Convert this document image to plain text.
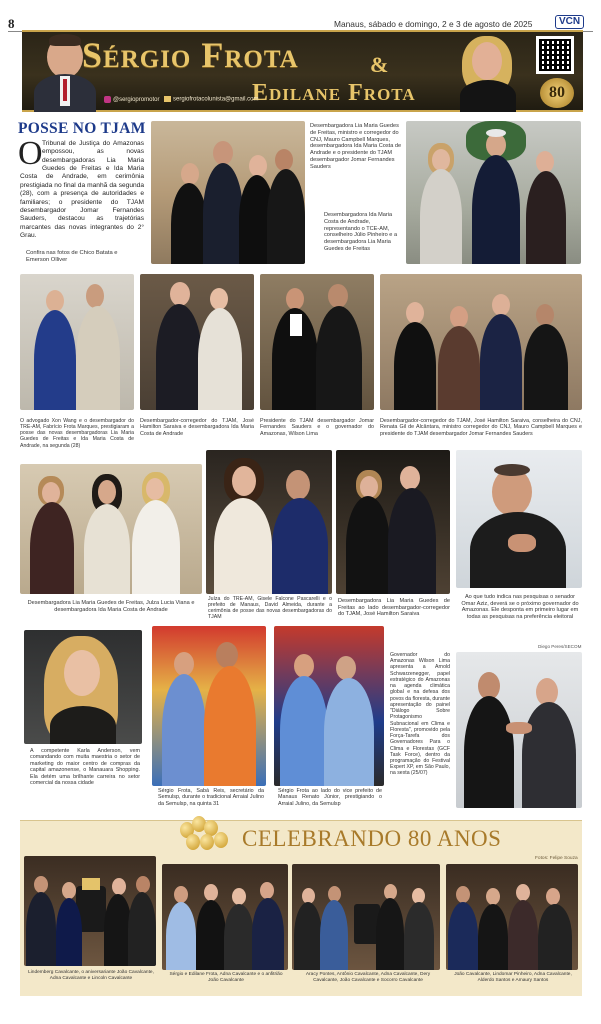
8	Manaus, sábado e domingo, 2 e 3 de agosto de 2025	VCN
Sérgio Frota	&
Edilane Frota
@sergiopromotor	sergiofrotacolunista@gmail.com	80
POSSE NO TJAM
O Tribunal de Justiça do Amazonas empossou, as novas desembargadoras Lia Maria Guedes de Freitas e Ida Maria Costa de Andrade, em cerimônia prestigiada no final da manhã da segunda (28), com a presença de autoridades e familiares; o presidente do TJAM desembargador Jomar Fernandes Sauders, destacou as trajetórias marcantes das novas integrantes do 2° Grau.
Confira nas fotos de Chico Batata e Emerson Olliver
Desembargadora Lia Maria Guedes de Freitas, ministro e corregedor do CNJ, Mauro Campbell Marques, desembargadora Ida Maria Costa de Andrade e o presidente do TJAM desembargador Jomar Fernandes Sauders
Desembargadora Ida Maria Costa de Andrade, representando o TCE-AM, conselheiro Júlio Pinheiro e a desembargadora Lia Maria Guedes de Freitas
O advogado Xon Wang e o desembargador do TRE-AM, Fabrício Frota Marques, prestigiaram a posse das novas desembargadoras Lia Maria Guedes de Freitas e Ida Maria Costa de Andrade, na segunda (28)
Desembargador-corregedor do TJAM, José Hamilton Saraiva e desembargadora Ida Maria Costa de Andrade
Presidente do TJAM desembargador Jomar Fernandes Sauders e o governador do Amazonas, Wilson Lima
Desembargador-corregedor do TJAM, José Hamilton Saraiva, conselheira do CNJ, Renata Gil de Alcântara, ministro corregedor do CNJ, Mauro Campbell Marques e presidente do TJAM desembargador Jomar Fernandes Sauders
Desembargadora Lia Maria Guedes de Freitas, Julza Lucia Viana e desembargadora Ida Maria Costa de Andrade
Juíza do TRE-AM, Gisele Falcone Pascarelli e o prefeito de Manaus, David Almeida, durante a cerimônia de posse das novas desembargadoras do TJAM
Desembargadora Lia Maria Guedes de Freitas ao lado desembargador-corregedor do TJAM, José Hamilton Saraiva
Ao que tudo indica nas pesquisas o senador Omar Aziz, deverá se o próximo governador do Amazonas. Ele desponta em primeiro lugar em todas as pesquisas na preferência eleitoral
A competente Karla Anderson, vem comandando com muita maestria o setor de marketing do maior centro de compras da capital amazonense, o Manauara Shopping. Ela detém uma brilhante carreira no setor comercial da nossa cidade
Sérgio Frota, Sabá Reis, secretário da Semulsp, durante o tradicional Arraial Julino da Semulsp, na quinta 31
Sérgio Frota ao lado do vice prefeito de Manaus Renato Júnior, prestigiando o Arraial Julino, da Semulsp
Governador do Amazonas Wilson Lima apresenta a Arnold Schwarzenegger, papel estratégico do Amazonas na agenda climática global e na defesa dos povos da floresta, durante apresentação do painel "Diálogo Sobre Protagonismo Subnacional em Clima e Floresta", promovido pela Força-Tarefa dos Governadores Para o Clima e Florestas (GCF Task Force), dentro da programação do Festival Expert XP, em São Paulo, na sexta (25/07)
Diego Peres/SECOM
CELEBRANDO 80 ANOS
Fotos: Felipe Souza
Lindemberg Cavalcante, o aniversariante João Cavalcante, Adna Cavalcante e Lincoln Cavalcante
Sérgio e Edilane Frota, Adna Cavalcante e o anfitrião João Cavalcante
Aracy Pontes, Antônio Cavalcante, Adna Cavalcante, Dery Cavalcante, João Cavalcante e Socorro Cavalcante
João Cavalcante, Lindomar Pinheiro, Adna Cavalcante, Alderdo Santos e Amaury Santos
